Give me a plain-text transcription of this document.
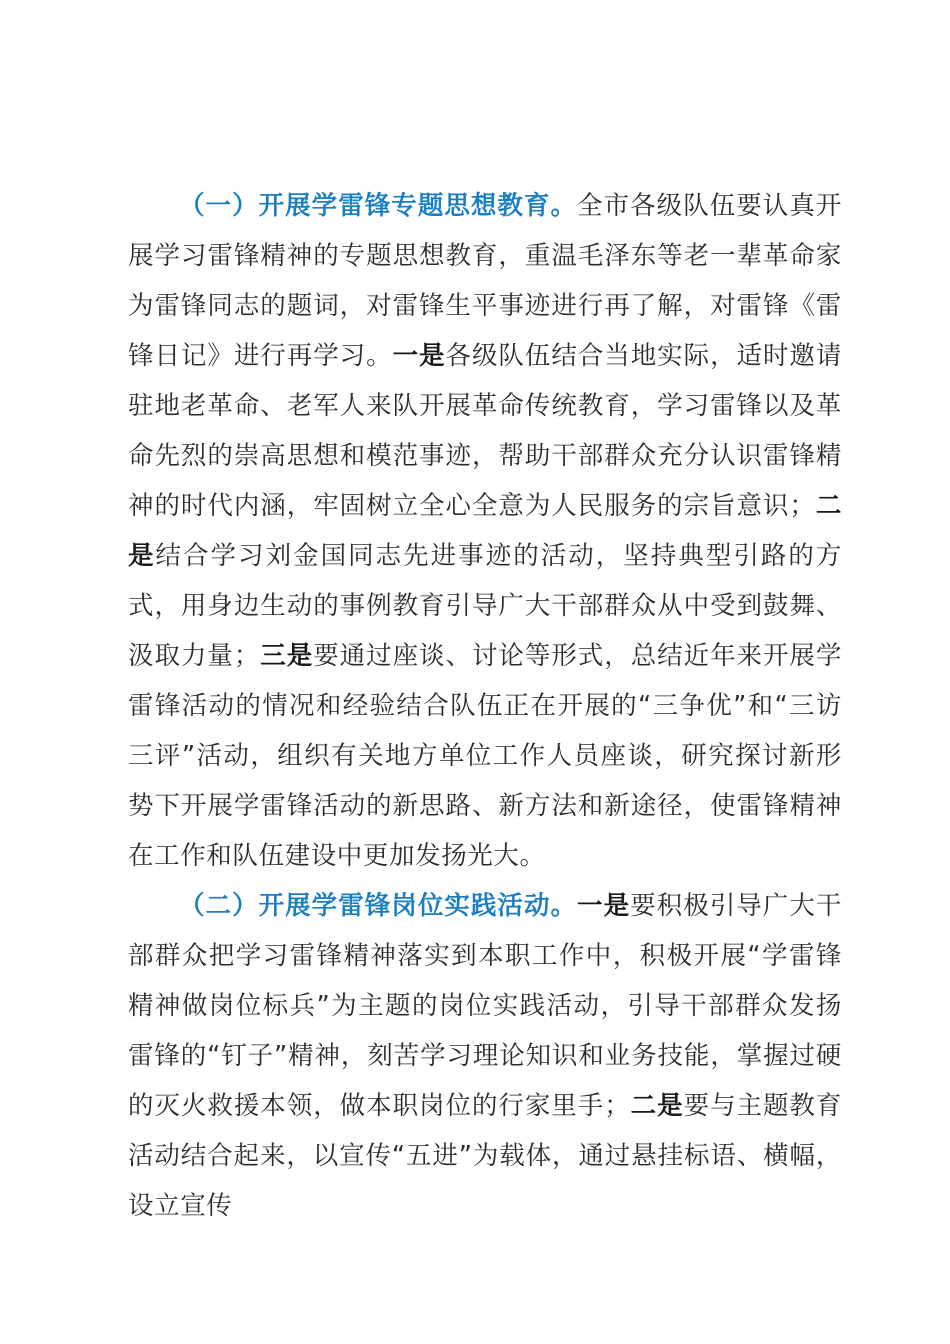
（一）开展学雷锋专题思想教育。全市各级队伍要认真开展学习雷锋精神的专题思想教育，重温毛泽东等老一辈革命家为雷锋同志的题词，对雷锋生平事迹进行再了解，对雷锋《雷锋日记》进行再学习。一是各级队伍结合当地实际，适时邀请驻地老革命、老军人来队开展革命传统教育，学习雷锋以及革命先烈的崇高思想和模范事迹，帮助干部群众充分认识雷锋精神的时代内涵，牢固树立全心全意为人民服务的宗旨意识；二是结合学习刘金国同志先进事迹的活动，坚持典型引路的方式，用身边生动的事例教育引导广大干部群众从中受到鼓舞、汲取力量；三是要通过座谈、讨论等形式，总结近年来开展学雷锋活动的情况和经验结合队伍正在开展的“三争优”和“三访三评”活动，组织有关地方单位工作人员座谈，研究探讨新形势下开展学雷锋活动的新思路、新方法和新途径，使雷锋精神在工作和队伍建设中更加发扬光大。

（二）开展学雷锋岗位实践活动。一是要积极引导广大干部群众把学习雷锋精神落实到本职工作中，积极开展“学雷锋精神做岗位标兵”为主题的岗位实践活动，引导干部群众发扬雷锋的“钉子”精神，刻苦学习理论知识和业务技能，掌握过硬的灭火救援本领，做本职岗位的行家里手；二是要与主题教育活动结合起来，以宣传“五进”为载体，通过悬挂标语、横幅，设立宣传
